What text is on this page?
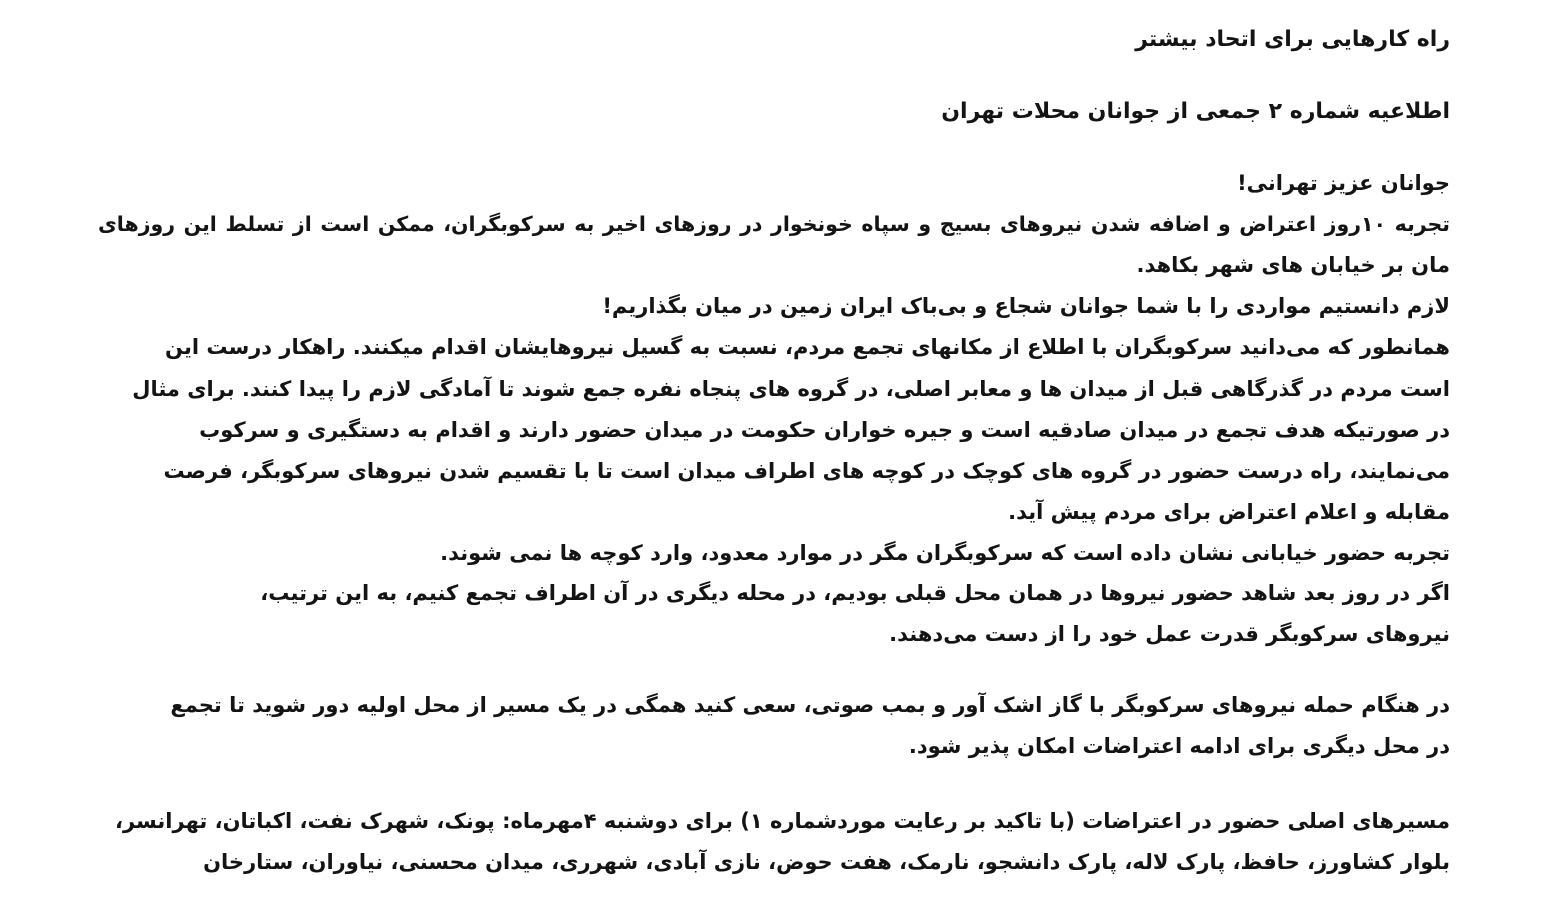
راه کارهایی برای اتحاد بیشتر
اطلاعیه شماره ۲ جمعی از جوانان محلات تهران
جوانان عزیز تهرانی!
تجربه ۱۰روز اعتراض و اضافه شدن نیروهای بسیج و سپاه خونخوار در روزهای اخیر به سرکوبگران، ممکن است از تسلط این روزهای
مان بر خیابان های شهر بکاهد.
لازم دانستیم مواردی را با شما جوانان شجاع و بی‌باک ایران زمین در میان بگذاریم!
همانطور که می‌دانید سرکوبگران با اطلاع از مکانهای تجمع مردم، نسبت به گسیل نیروهایشان اقدام میکنند. راهکار درست این
است مردم در گذرگاهی قبل از میدان ها و معابر اصلی، در گروه های پنجاه نفره جمع شوند تا آمادگی لازم را پیدا کنند. برای مثال
در صورتیکه هدف تجمع در میدان صادقیه است و جیره خواران حکومت در میدان حضور دارند و اقدام به دستگیری و سرکوب
می‌نمایند، راه درست حضور در گروه های کوچک در کوچه های اطراف میدان است تا با تقسیم شدن نیروهای سرکوبگر، فرصت
مقابله و اعلام اعتراض برای مردم پیش آید.
تجربه حضور خیابانی نشان داده است که سرکوبگران مگر در موارد معدود، وارد کوچه ها نمی شوند.
اگر در روز بعد شاهد حضور نیروها در همان محل قبلی بودیم، در محله دیگری در آن اطراف تجمع کنیم، به این ترتیب،
نیروهای سرکوبگر قدرت عمل خود را از دست می‌دهند.
در هنگام حمله نیروهای سرکوبگر با گاز اشک آور و بمب صوتی، سعی کنید همگی در یک مسیر از محل اولیه دور شوید تا تجمع
در محل دیگری برای ادامه اعتراضات امکان پذیر شود.
مسیرهای اصلی حضور در اعتراضات (با تاکید بر رعایت موردشماره ۱) برای دوشنبه ۴مهرماه: پونک، شهرک نفت، اکباتان، تهرانسر،
بلوار کشاورز، حافظ، پارک لاله، پارک دانشجو، نارمک، هفت حوض، نازی آبادی، شهرری، میدان محسنی، نیاوران، ستارخان
